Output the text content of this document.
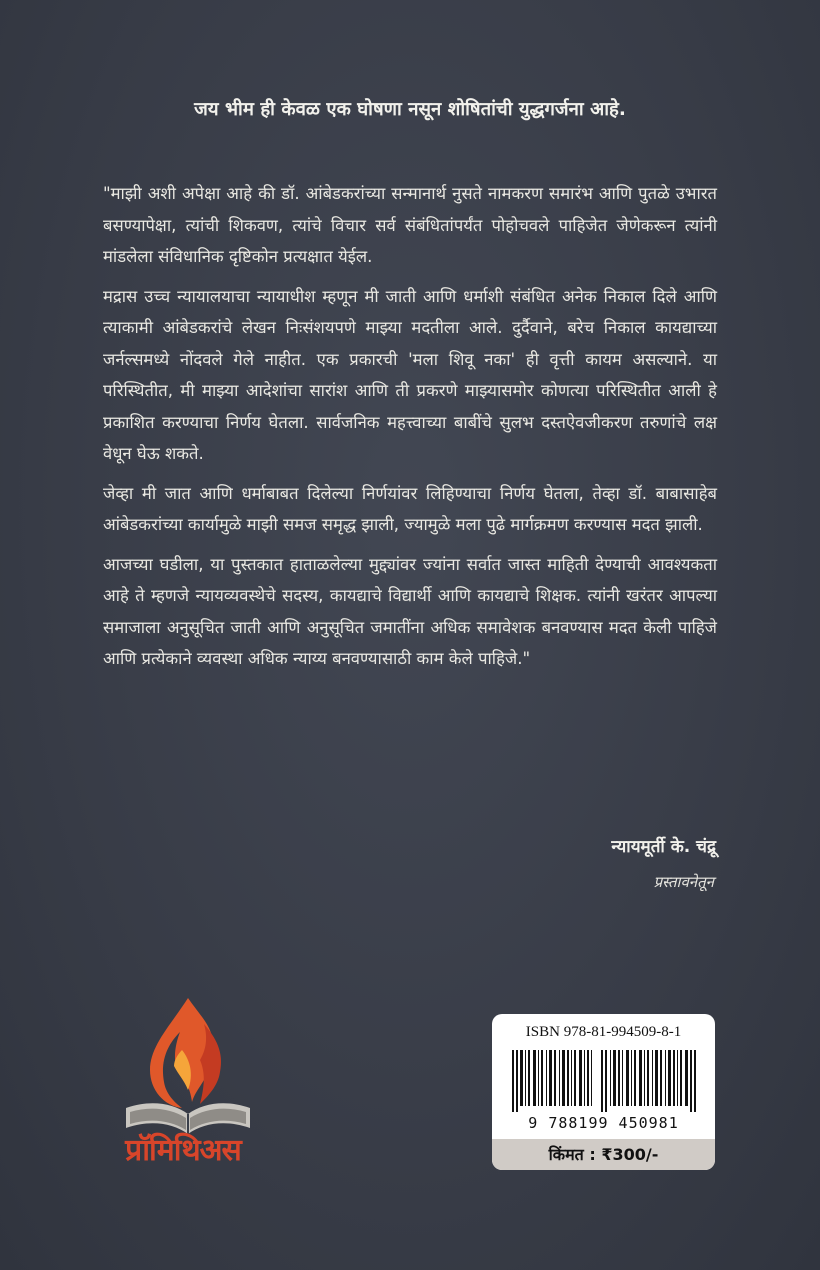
जय भीम ही केवळ एक घोषणा नसून शोषितांची युद्धगर्जना आहे.

"माझी अशी अपेक्षा आहे की डॉ. आंबेडकरांच्या सन्मानार्थ नुसते नामकरण समारंभ आणि पुतळे उभारत बसण्यापेक्षा, त्यांची शिकवण, त्यांचे विचार सर्व संबंधितांपर्यंत पोहोचवले पाहिजेत जेणेकरून त्यांनी मांडलेला संविधानिक दृष्टिकोन प्रत्यक्षात येईल.

मद्रास उच्च न्यायालयाचा न्यायाधीश म्हणून मी जाती आणि धर्माशी संबंधित अनेक निकाल दिले आणि त्याकामी आंबेडकरांचे लेखन निःसंशयपणे माझ्या मदतीला आले. दुर्दैवाने, बरेच निकाल कायद्याच्या जर्नल्समध्ये नोंदवले गेले नाहीत. एक प्रकारची 'मला शिवू नका' ही वृत्ती कायम असल्याने. या परिस्थितीत, मी माझ्या आदेशांचा सारांश आणि ती प्रकरणे माझ्यासमोर कोणत्या परिस्थितीत आली हे प्रकाशित करण्याचा निर्णय घेतला. सार्वजनिक महत्त्वाच्या बाबींचे सुलभ दस्तऐवजीकरण तरुणांचे लक्ष वेधून घेऊ शकते.

जेव्हा मी जात आणि धर्माबाबत दिलेल्या निर्णयांवर लिहिण्याचा निर्णय घेतला, तेव्हा डॉ. बाबासाहेब आंबेडकरांच्या कार्यामुळे माझी समज समृद्ध झाली, ज्यामुळे मला पुढे मार्गक्रमण करण्यास मदत झाली.

आजच्या घडीला, या पुस्तकात हाताळलेल्या मुद्द्यांवर ज्यांना सर्वात जास्त माहिती देण्याची आवश्यकता आहे ते म्हणजे न्यायव्यवस्थेचे सदस्य, कायद्याचे विद्यार्थी आणि कायद्याचे शिक्षक. त्यांनी खरंतर आपल्या समाजाला अनुसूचित जाती आणि अनुसूचित जमातींना अधिक समावेशक बनवण्यास मदत केली पाहिजे आणि प्रत्येकाने व्यवस्था अधिक न्याय्य बनवण्यासाठी काम केले पाहिजे."

न्यायमूर्ती के. चंद्रू
प्रस्तावनेतून
प्रॉमिथिअस
ISBN 978-81-994509-8-1
9 788199 450981
किंमत : ₹300/-
